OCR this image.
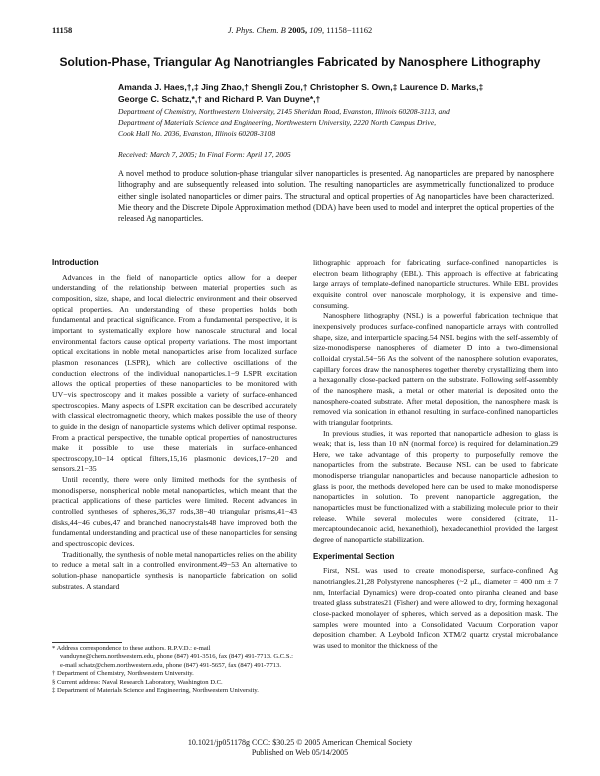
11158	J. Phys. Chem. B 2005, 109, 11158−11162
Solution-Phase, Triangular Ag Nanotriangles Fabricated by Nanosphere Lithography
Amanda J. Haes,†,‡ Jing Zhao,† Shengli Zou,† Christopher S. Own,‡ Laurence D. Marks,‡
George C. Schatz,*,† and Richard P. Van Duyne*,†
Department of Chemistry, Northwestern University, 2145 Sheridan Road, Evanston, Illinois 60208-3113, and
Department of Materials Science and Engineering, Northwestern University, 2220 North Campus Drive,
Cook Hall No. 2036, Evanston, Illinois 60208-3108
Received: March 7, 2005; In Final Form: April 17, 2005
A novel method to produce solution-phase triangular silver nanoparticles is presented. Ag nanoparticles are prepared by nanosphere lithography and are subsequently released into solution. The resulting nanoparticles are asymmetrically functionalized to produce either single isolated nanoparticles or dimer pairs. The structural and optical properties of Ag nanoparticles have been characterized. Mie theory and the Discrete Dipole Approximation method (DDA) have been used to model and interpret the optical properties of the released Ag nanoparticles.
Introduction

Advances in the field of nanoparticle optics allow for a deeper understanding of the relationship between material properties such as composition, size, shape, and local dielectric environment and their observed optical properties. An understanding of these properties holds both fundamental and practical significance. From a fundamental perspective, it is important to systematically explore how nanoscale structural and local environmental factors cause optical property variations. The most important optical excitations in noble metal nanoparticles arise from localized surface plasmon resonances (LSPR), which are collective oscillations of the conduction electrons of the individual nanoparticles.1−9 LSPR excitation allows the optical properties of these nanoparticles to be monitored with UV−vis spectroscopy and it makes possible a variety of surface-enhanced spectroscopies. Many aspects of LSPR excitation can be described accurately with classical electromagnetic theory, which makes possible the use of theory to guide in the design of nanoparticle systems which deliver optimal response. From a practical perspective, the tunable optical properties of nanostructures make it possible to use these materials in surface-enhanced spectroscopy,10−14 optical filters,15,16 plasmonic devices,17−20 and sensors.21−35

Until recently, there were only limited methods for the synthesis of monodisperse, nonspherical noble metal nanoparticles, which meant that the practical applications of these particles were limited. Recent advances in controlled syntheses of spheres,36,37 rods,38−40 triangular prisms,41−43 disks,44−46 cubes,47 and branched nanocrystals48 have improved both the fundamental understanding and practical use of these nanoparticles for sensing and spectroscopic devices.

Traditionally, the synthesis of noble metal nanoparticles relies on the ability to reduce a metal salt in a controlled environment.49−53 An alternative to solution-phase nanoparticle synthesis is nanoparticle fabrication on solid substrates. A standard

lithographic approach for fabricating surface-confined nanoparticles is electron beam lithography (EBL). This approach is effective at fabricating large arrays of template-defined nanoparticle structures. While EBL provides exquisite control over nanoscale morphology, it is expensive and time-consuming.

Nanosphere lithography (NSL) is a powerful fabrication technique that inexpensively produces surface-confined nanoparticle arrays with controlled shape, size, and interparticle spacing.54 NSL begins with the self-assembly of size-monodisperse nanospheres of diameter D into a two-dimensional colloidal crystal.54−56 As the solvent of the nanosphere solution evaporates, capillary forces draw the nanospheres together thereby crystallizing them into a hexagonally close-packed pattern on the substrate. Following self-assembly of the nanosphere mask, a metal or other material is deposited onto the nanosphere-coated substrate. After metal deposition, the nanosphere mask is removed via sonication in ethanol resulting in surface-confined nanoparticles with triangular footprints.

In previous studies, it was reported that nanoparticle adhesion to glass is weak; that is, less than 10 nN (normal force) is required for delamination.29 Here, we take advantage of this property to purposefully remove the nanoparticles from the substrate. Because NSL can be used to fabricate monodisperse triangular nanoparticles and because nanoparticle adhesion to glass is poor, the methods developed here can be used to make monodisperse nanoparticles in solution. To prevent nanoparticle aggregation, the nanoparticles must be functionalized with a stabilizing molecule prior to their release. While several molecules were considered (citrate, 11-mercaptoundecanoic acid, hexanethiol), hexadecanethiol provided the largest degree of nanoparticle stabilization.

Experimental Section

First, NSL was used to create monodisperse, surface-confined Ag nanotriangles.21,28 Polystyrene nanospheres (~2 μL, diameter = 400 nm ± 7 nm, Interfacial Dynamics) were drop-coated onto piranha cleaned and base treated glass substrates21 (Fisher) and were allowed to dry, forming hexagonal close-packed monolayer of spheres, which served as a deposition mask. The samples were mounted into a Consolidated Vacuum Corporation vapor deposition chamber. A Leybold Inficon XTM/2 quartz crystal microbalance was used to monitor the thickness of the

* Address correspondence to these authors. R.P.V.D.: e-mail vanduyne@chem.northwestern.edu, phone (847) 491-3516, fax (847) 491-7713. G.C.S.: e-mail schatz@chem.northwestern.edu, phone (847) 491-5657, fax (847) 491-7713.

† Department of Chemistry, Northwestern University.

§ Current address: Naval Research Laboratory, Washington D.C.

‡ Department of Materials Science and Engineering, Northwestern University.

10.1021/jp051178g CCC: $30.25 © 2005 American Chemical Society
Published on Web 05/14/2005
